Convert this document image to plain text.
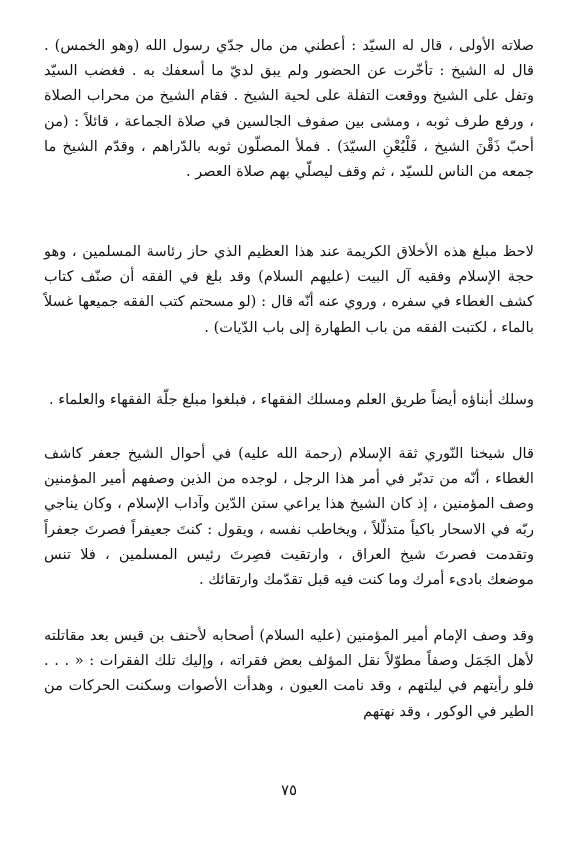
صلاته الأولى ، قال له السيّد : أعطني من مال جدّي رسول الله (وهو الخمس) . قال له الشيخ : تأخّرت عن الحضور ولم يبق لديّ ما أسعفك به . فغضب السيّد وتفل على الشيخ ووقعت التفلة على لحية الشيخ . فقام الشيخ من محراب الصلاة ، ورفع طرف ثوبه ، ومشى بين صفوف الجالسين في صلاة الجماعة ، قائلاً : (من أحبّ ذَقْنَ الشيخ ، فَلْيُعْنِ السيّدَ) . فملأ المصلّون ثوبه بالدّراهم ، وقدّم الشيخ ما جمعه من الناس للسيّد ، ثم وقف ليصلّي بهم صلاة العصر .

لاحظ مبلغ هذه الأخلاق الكريمة عند هذا العظيم الذي حاز رئاسة المسلمين ، وهو حجة الإسلام وفقيه آل البيت (عليهم السلام) وقد بلغ في الفقه أن صنّف كتاب كشف الغطاء في سفره ، وروي عنه أنّه قال : (لو مسحتم كتب الفقه جميعها غسلاً بالماء ، لكتبت الفقه من باب الطهارة إلى باب الدّيات) .

وسلك أبناؤه أيضاً طريق العلم ومسلك الفقهاء ، فبلغوا مبلغ جلّة الفقهاء والعلماء .

قال شيخنا النّوري ثقة الإسلام (رحمة الله عليه) في أحوال الشيخ جعفر كاشف الغطاء ، أنّه من تدبّر في أمر هذا الرجل ، لوجده من الذين وصفهم أمير المؤمنين وصف المؤمنين ، إذ كان الشيخ هذا يراعي سنن الدّين وآداب الإسلام ، وكان يناجي ربّه في الاسحار باكياً متذلّلاً ، ويخاطب نفسه ، ويقول : كنتَ جعيفراً فصرتَ جعفراً وتقدمت فصرتَ شيخ العراق ، وارتقيت فصِرتَ رئيس المسلمين ، فلا تنس موضعك بادىء أمرك وما كنت فيه قبل تقدّمك وارتقائك .

وقد وصف الإمام أمير المؤمنين (عليه السلام) أصحابه لأحنف بن قيس بعد مقاتلته لأهل الجَمَل وصفاً مطوّلاً نقل المؤلف بعض فقراته ، وإليك تلك الفقرات : « . . . فلو رأيتهم في ليلتهم ، وقد نامت العيون ، وهدأت الأصوات وسكنت الحركات من الطير في الوكور ، وقد نهتهم

٧٥
